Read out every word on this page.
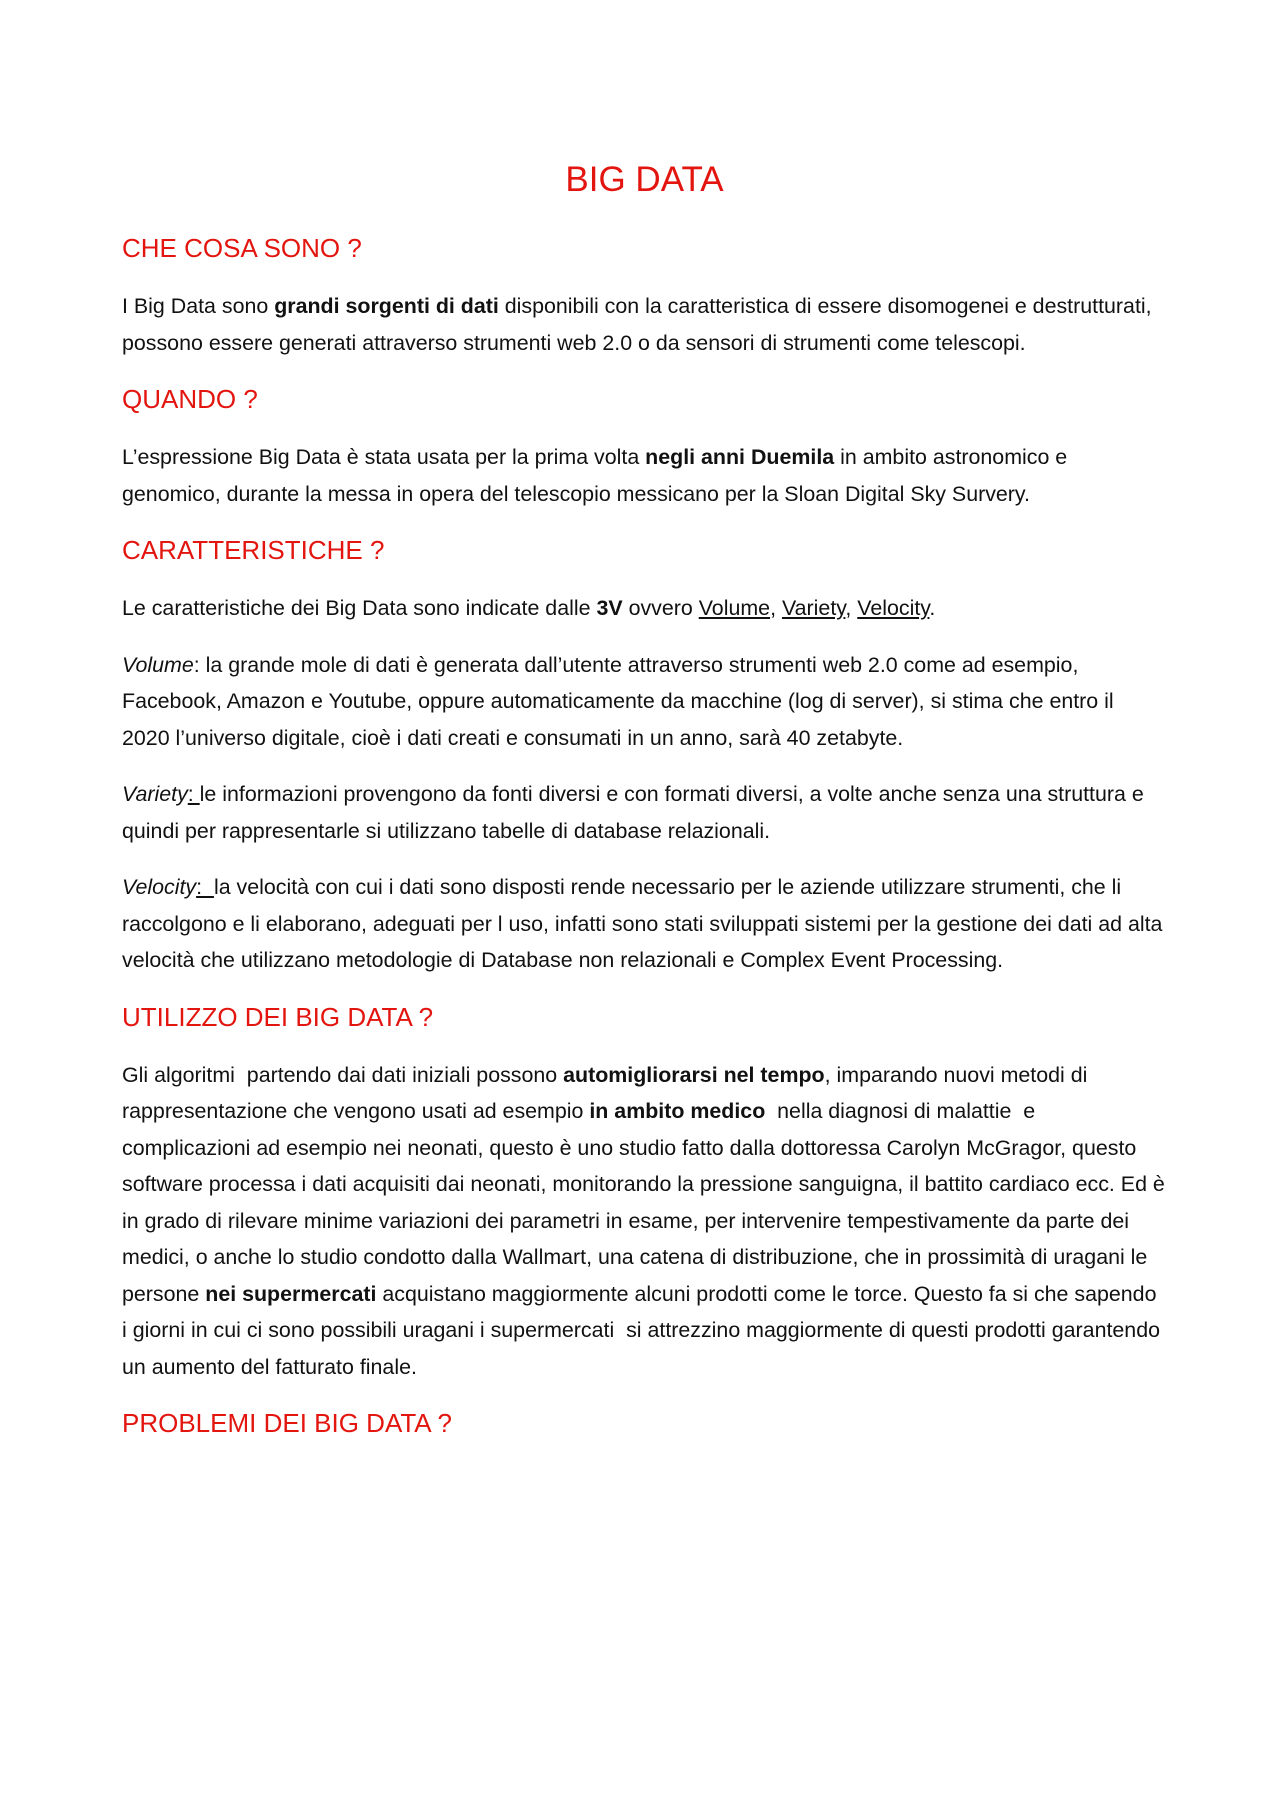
BIG DATA
CHE COSA SONO ?

I Big Data sono grandi sorgenti di dati disponibili con la caratteristica di essere disomogenei e destrutturati, possono essere generati attraverso strumenti web 2.0 o da sensori di strumenti come telescopi.

QUANDO ?

L’espressione Big Data è stata usata per la prima volta negli anni Duemila in ambito astronomico e genomico, durante la messa in opera del telescopio messicano per la Sloan Digital Sky Survery.

CARATTERISTICHE ?

Le caratteristiche dei Big Data sono indicate dalle 3V ovvero Volume, Variety, Velocity.

Volume: la grande mole di dati è generata dall’utente attraverso strumenti web 2.0 come ad esempio, Facebook, Amazon e Youtube, oppure automaticamente da macchine (log di server), si stima che entro il 2020 l’universo digitale, cioè i dati creati e consumati in un anno, sarà 40 zetabyte.

Variety: le informazioni provengono da fonti diversi e con formati diversi, a volte anche senza una struttura e quindi per rappresentarle si utilizzano tabelle di database relazionali.

Velocity:  la velocità con cui i dati sono disposti rende necessario per le aziende utilizzare strumenti, che li raccolgono e li elaborano, adeguati per l uso, infatti sono stati sviluppati sistemi per la gestione dei dati ad alta velocità che utilizzano metodologie di Database non relazionali e Complex Event Processing.

UTILIZZO DEI BIG DATA ?

Gli algoritmi  partendo dai dati iniziali possono automigliorarsi nel tempo, imparando nuovi metodi di rappresentazione che vengono usati ad esempio in ambito medico  nella diagnosi di malattie  e complicazioni ad esempio nei neonati, questo è uno studio fatto dalla dottoressa Carolyn McGragor, questo software processa i dati acquisiti dai neonati, monitorando la pressione sanguigna, il battito cardiaco ecc. Ed è in grado di rilevare minime variazioni dei parametri in esame, per intervenire tempestivamente da parte dei medici, o anche lo studio condotto dalla Wallmart, una catena di distribuzione, che in prossimità di uragani le persone nei supermercati acquistano maggiormente alcuni prodotti come le torce. Questo fa si che sapendo i giorni in cui ci sono possibili uragani i supermercati  si attrezzino maggiormente di questi prodotti garantendo un aumento del fatturato finale.

PROBLEMI DEI BIG DATA ?
